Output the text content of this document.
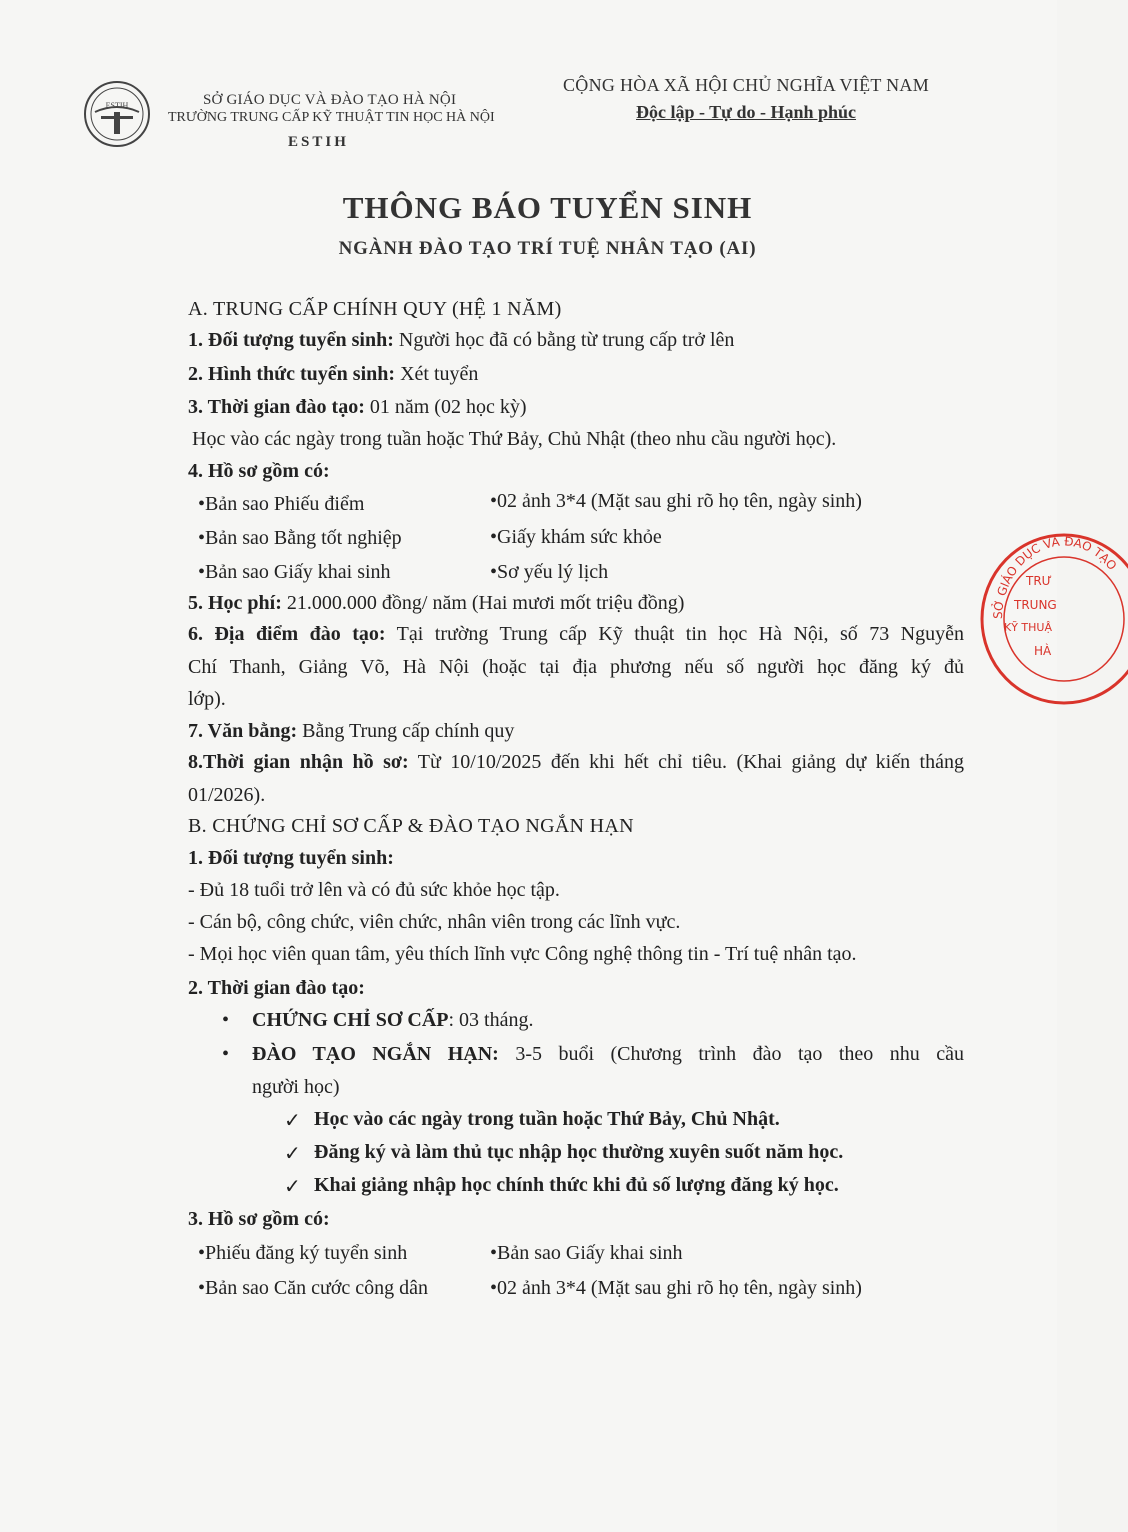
ESTIH	SỞ GIÁO DỤC VÀ ĐÀO TẠO HÀ NỘI
TRƯỜNG TRUNG CẤP KỸ THUẬT TIN HỌC HÀ NỘI
ESTIH
CỘNG HÒA XÃ HỘI CHỦ NGHĨA VIỆT NAM
Độc lập - Tự do - Hạnh phúc
THÔNG BÁO TUYỂN SINH
NGÀNH ĐÀO TẠO TRÍ TUỆ NHÂN TẠO (AI)
A. TRUNG CẤP CHÍNH QUY (HỆ 1 NĂM)
1. Đối tượng tuyển sinh: Người học đã có bằng từ trung cấp trở lên
2. Hình thức tuyển sinh: Xét tuyển
3. Thời gian đào tạo: 01 năm (02 học kỳ)
Học vào các ngày trong tuần hoặc Thứ Bảy, Chủ Nhật (theo nhu cầu người học).
4. Hồ sơ gồm có:
•Bản sao Phiếu điểm	•02 ảnh 3*4 (Mặt sau ghi rõ họ tên, ngày sinh)
•Bản sao Bằng tốt nghiệp	•Giấy khám sức khỏe
•Bản sao Giấy khai sinh	•Sơ yếu lý lịch
5. Học phí: 21.000.000 đồng/ năm (Hai mươi mốt triệu đồng)
6. Địa điểm đào tạo: Tại trường Trung cấp Kỹ thuật tin học Hà Nội, số 73 Nguyễn
Chí Thanh, Giảng Võ, Hà Nội (hoặc tại địa phương nếu số người học đăng ký đủ
lớp).
7. Văn bằng: Bằng Trung cấp chính quy
8.Thời gian nhận hồ sơ: Từ 10/10/2025 đến khi hết chỉ tiêu. (Khai giảng dự kiến tháng
01/2026).
B. CHỨNG CHỈ SƠ CẤP & ĐÀO TẠO NGẮN HẠN
1. Đối tượng tuyển sinh:
- Đủ 18 tuổi trở lên và có đủ sức khỏe học tập.
- Cán bộ, công chức, viên chức, nhân viên trong các lĩnh vực.
- Mọi học viên quan tâm, yêu thích lĩnh vực Công nghệ thông tin - Trí tuệ nhân tạo.
2. Thời gian đào tạo:
• CHỨNG CHỈ SƠ CẤP: 03 tháng.
• ĐÀO TẠO NGẮN HẠN: 3-5 buổi (Chương trình đào tạo theo nhu cầu
người học)
✓ Học vào các ngày trong tuần hoặc Thứ Bảy, Chủ Nhật.
✓ Đăng ký và làm thủ tục nhập học thường xuyên suốt năm học.
✓ Khai giảng nhập học chính thức khi đủ số lượng đăng ký học.
3. Hồ sơ gồm có:
•Phiếu đăng ký tuyển sinh	•Bản sao Giấy khai sinh
•Bản sao Căn cước công dân	•02 ảnh 3*4 (Mặt sau ghi rõ họ tên, ngày sinh)
SỞ GIÁO DỤC VÀ ĐÀO TẠO
TRƯ
TRUNG
KỸ THUẬ
HÀ
